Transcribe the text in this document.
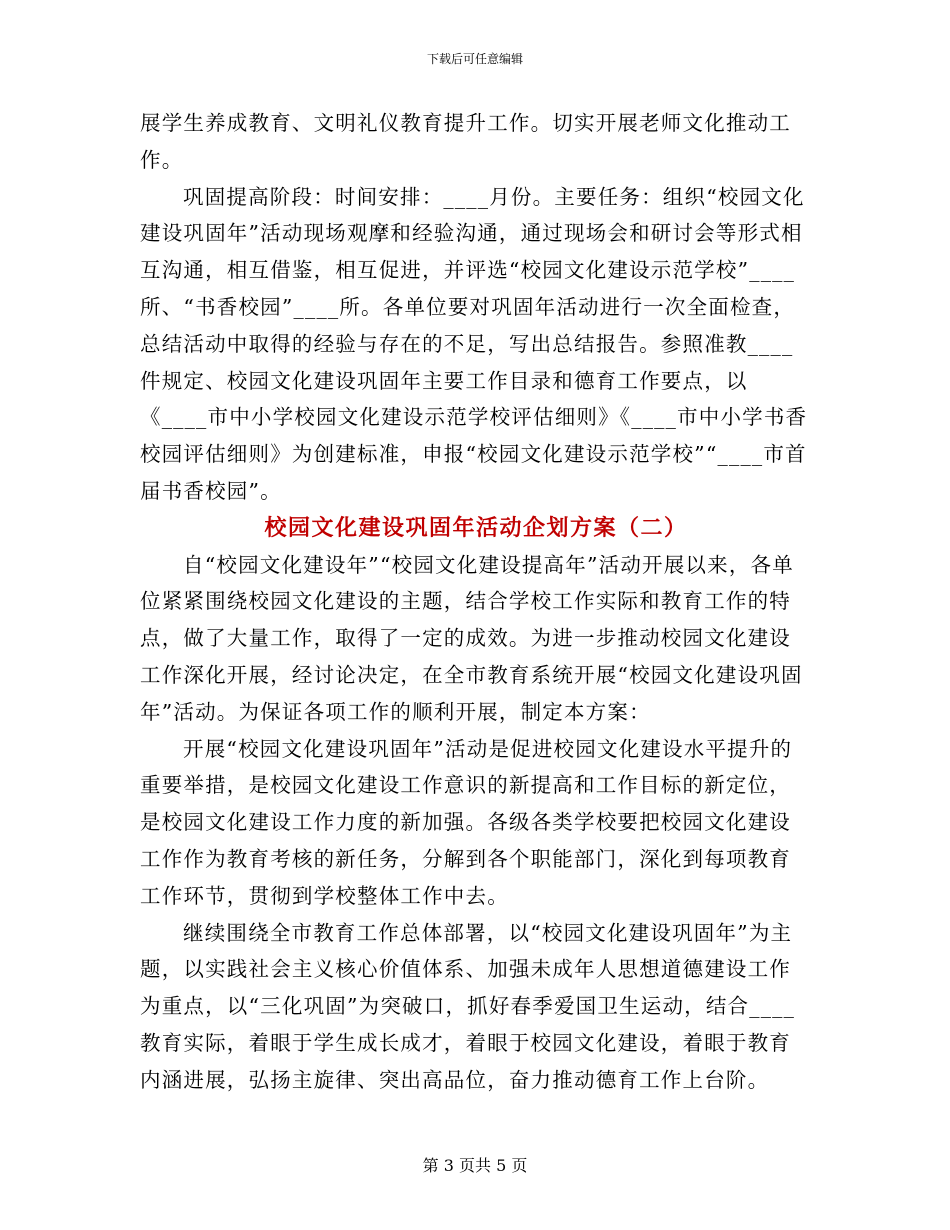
下载后可任意编辑

展学生养成教育、文明礼仪教育提升工作。切实开展老师文化推动工作。

巩固提高阶段：时间安排：____月份。主要任务：组织“校园文化建设巩固年”活动现场观摩和经验沟通，通过现场会和研讨会等形式相互沟通，相互借鉴，相互促进，并评选“校园文化建设示范学校”____所、“书香校园”____所。各单位要对巩固年活动进行一次全面检查，总结活动中取得的经验与存在的不足，写出总结报告。参照准教____件规定、校园文化建设巩固年主要工作目录和德育工作要点，以《____市中小学校园文化建设示范学校评估细则》《____市中小学书香校园评估细则》为创建标准，申报“校园文化建设示范学校”“____市首届书香校园”。

校园文化建设巩固年活动企划方案（二）

自“校园文化建设年”“校园文化建设提高年”活动开展以来，各单位紧紧围绕校园文化建设的主题，结合学校工作实际和教育工作的特点，做了大量工作，取得了一定的成效。为进一步推动校园文化建设工作深化开展，经讨论决定，在全市教育系统开展“校园文化建设巩固年”活动。为保证各项工作的顺利开展，制定本方案：

开展“校园文化建设巩固年”活动是促进校园文化建设水平提升的重要举措，是校园文化建设工作意识的新提高和工作目标的新定位，是校园文化建设工作力度的新加强。各级各类学校要把校园文化建设工作作为教育考核的新任务，分解到各个职能部门，深化到每项教育工作环节，贯彻到学校整体工作中去。

继续围绕全市教育工作总体部署，以“校园文化建设巩固年”为主题，以实践社会主义核心价值体系、加强未成年人思想道德建设工作为重点，以“三化巩固”为突破口，抓好春季爱国卫生运动，结合____教育实际，着眼于学生成长成才，着眼于校园文化建设，着眼于教育内涵进展，弘扬主旋律、突出高品位，奋力推动德育工作上台阶。

第 3 页共 5 页
